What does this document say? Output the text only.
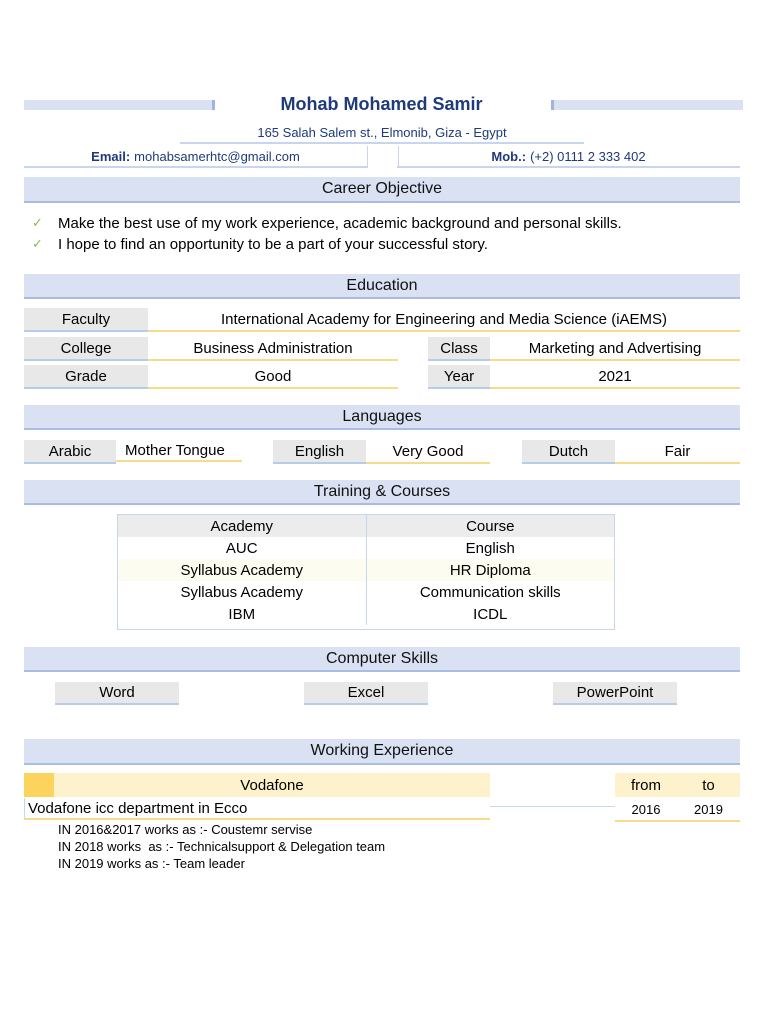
Mohab Mohamed Samir
165 Salah Salem st., Elmonib, Giza - Egypt
Email: mohabsamerhtc@gmail.com	Mob.: (+2) 0111 2 333 402
Career Objective
✓	Make the best use of my work experience, academic background and personal skills.
✓	I hope to find an opportunity to be a part of your successful story.
Education
Faculty	International Academy for Engineering and Media Science (iAEMS)
College	Business Administration	Class	Marketing and Advertising
Grade	Good	Year	2021
Languages
Arabic	Mother Tongue	English	Very Good	Dutch	Fair
Training & Courses
Academy	Course
AUC	English
Syllabus Academy	HR Diploma
Syllabus Academy	Communication skills
IBM	ICDL
Computer Skills
Word	Excel	PowerPoint
Working Experience
Vodafone	from	to
Vodafone icc department in Ecco	2016	2019
IN 2016&2017 works as :- Coustemr servise
IN 2018 works  as :- Technicalsupport & Delegation team
IN 2019 works as :- Team leader
